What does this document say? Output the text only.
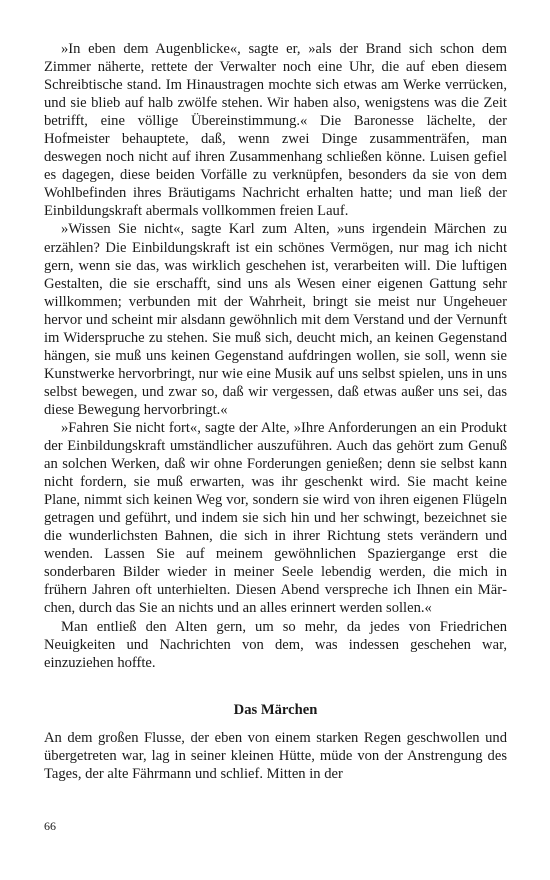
»In eben dem Augenblicke«, sagte er, »als der Brand sich schon dem Zimmer näherte, rettete der Verwalter noch eine Uhr, die auf eben diesem Schreibtische stand. Im Hinaustragen mochte sich etwas am Werke verrücken, und sie blieb auf halb zwölfe stehen. Wir haben also, wenigstens was die Zeit betrifft, eine völlige Übereinstimmung.« Die Baronesse lächelte, der Hofmeister behauptete, daß, wenn zwei Dinge zusammenträfen, man deswegen noch nicht auf ihren Zusammenhang schließen könne. Luisen gefiel es dagegen, diese beiden Vorfälle zu verknüpfen, besonders da sie von dem Wohlbefinden ihres Bräutigams Nachricht erhalten hatte; und man ließ der Einbildungskraft abermals vollkommen freien Lauf.

»Wissen Sie nicht«, sagte Karl zum Alten, »uns irgendein Märchen zu erzählen? Die Einbildungskraft ist ein schönes Vermögen, nur mag ich nicht gern, wenn sie das, was wirklich geschehen ist, verarbeiten will. Die luftigen Gestalten, die sie erschafft, sind uns als Wesen einer eigenen Gattung sehr willkommen; verbunden mit der Wahrheit, bringt sie meist nur Ungeheuer hervor und scheint mir alsdann gewöhnlich mit dem Verstand und der Vernunft im Widerspruche zu stehen. Sie muß sich, deucht mich, an keinen Gegenstand hängen, sie muß uns keinen Gegenstand aufdringen wollen, sie soll, wenn sie Kunstwerke hervorbringt, nur wie eine Musik auf uns selbst spielen, uns in uns selbst bewegen, und zwar so, daß wir vergessen, daß etwas außer uns sei, das diese Bewegung hervorbringt.«

»Fahren Sie nicht fort«, sagte der Alte, »Ihre Anforderungen an ein Produkt der Einbildungskraft umständlicher auszuführen. Auch das gehört zum Genuß an solchen Werken, daß wir ohne Forderungen genießen; denn sie selbst kann nicht fordern, sie muß erwarten, was ihr geschenkt wird. Sie macht keine Plane, nimmt sich keinen Weg vor, sondern sie wird von ihren eigenen Flügeln getragen und geführt, und indem sie sich hin und her schwingt, bezeichnet sie die wunderlichsten Bahnen, die sich in ihrer Richtung stets verändern und wenden. Lassen Sie auf meinem gewöhnlichen Spaziergange erst die sonderbaren Bilder wieder in meiner Seele lebendig werden, die mich in frühern Jahren oft unterhielten. Diesen Abend verspreche ich Ihnen ein Märchen, durch das Sie an nichts und an alles erinnert werden sollen.«

Man entließ den Alten gern, um so mehr, da jedes von Friedrichen Neuigkeiten und Nachrichten von dem, was indessen geschehen war, einzuziehen hoffte.

Das Märchen

An dem großen Flusse, der eben von einem starken Regen geschwollen und übergetreten war, lag in seiner kleinen Hütte, müde von der Anstrengung des Tages, der alte Fährmann und schlief. Mitten in der

66
